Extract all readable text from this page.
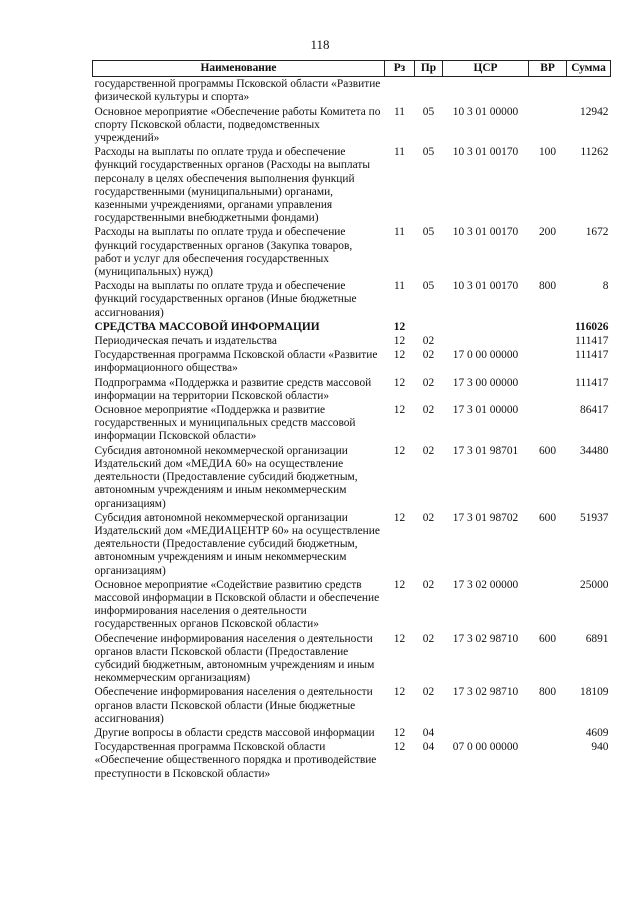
118
Наименование	Рз	Пр	ЦСР	ВР	Сумма
государственной программы Псковской области «Развитие физической культуры и спорта»					
Основное мероприятие «Обеспечение работы Комитета по спорту Псковской области, подведомственных учреждений»	11	05	10 3 01 00000		12942
Расходы на выплаты по оплате труда и обеспечение функций государственных органов (Расходы на выплаты персоналу в целях обеспечения выполнения функций государственными (муниципальными) органами, казенными учреждениями, органами управления государственными внебюджетными фондами)	11	05	10 3 01 00170	100	11262
Расходы на выплаты по оплате труда и обеспечение функций государственных органов (Закупка товаров, работ и услуг для обеспечения государственных (муниципальных) нужд)	11	05	10 3 01 00170	200	1672
Расходы на выплаты по оплате труда и обеспечение функций государственных органов (Иные бюджетные ассигнования)	11	05	10 3 01 00170	800	8
СРЕДСТВА МАССОВОЙ ИНФОРМАЦИИ	12				116026
Периодическая печать и издательства	12	02			111417
Государственная программа Псковской области «Развитие информационного общества»	12	02	17 0 00 00000		111417
Подпрограмма «Поддержка и развитие средств массовой информации на территории Псковской области»	12	02	17 3 00 00000		111417
Основное мероприятие «Поддержка и развитие государственных и муниципальных средств массовой информации Псковской области»	12	02	17 3 01 00000		86417
Субсидия автономной некоммерческой организации Издательский дом «МЕДИА 60» на осуществление деятельности (Предоставление субсидий бюджетным, автономным учреждениям и иным некоммерческим организациям)	12	02	17 3 01 98701	600	34480
Субсидия автономной некоммерческой организации Издательский дом «МЕДИАЦЕНТР 60» на осуществление деятельности (Предоставление субсидий бюджетным, автономным учреждениям и иным некоммерческим организациям)	12	02	17 3 01 98702	600	51937
Основное мероприятие «Содействие развитию средств массовой информации в Псковской области и обеспечение информирования населения о деятельности государственных органов Псковской области»	12	02	17 3 02 00000		25000
Обеспечение информирования населения о деятельности органов власти Псковской области (Предоставление субсидий бюджетным, автономным учреждениям и иным некоммерческим организациям)	12	02	17 3 02 98710	600	6891
Обеспечение информирования населения о деятельности органов власти Псковской области (Иные бюджетные ассигнования)	12	02	17 3 02 98710	800	18109
Другие вопросы в области средств массовой информации	12	04			4609
Государственная программа Псковской области «Обеспечение общественного порядка и противодействие преступности в Псковской области»	12	04	07 0 00 00000		940
